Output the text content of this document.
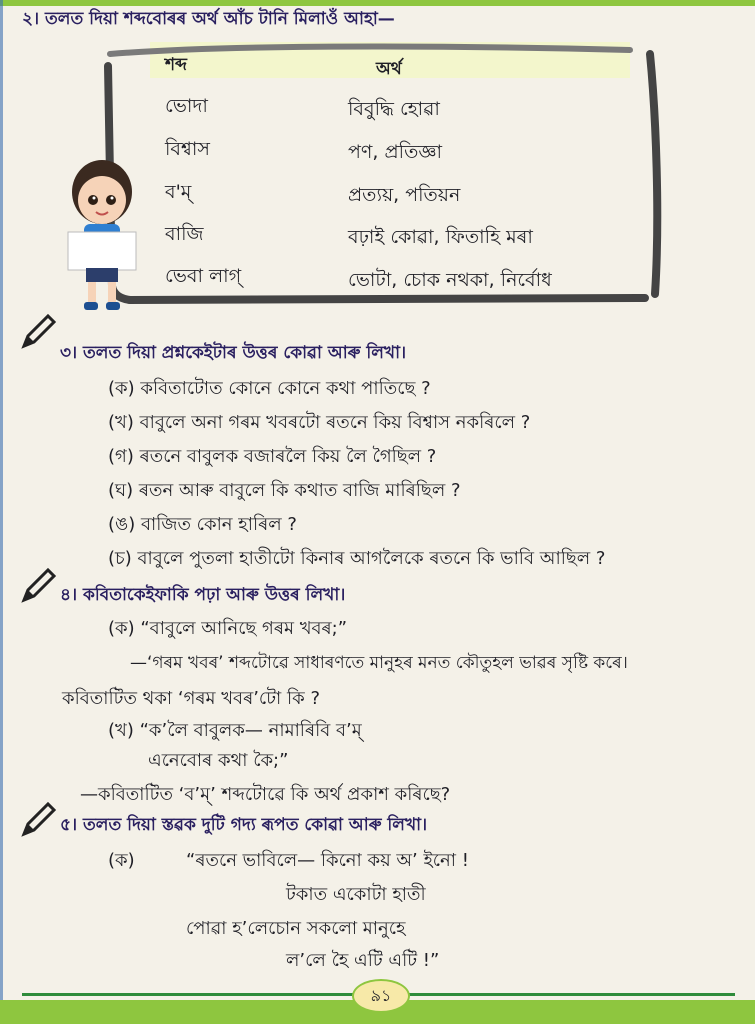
২। তলত দিয়া শব্দবোৰৰ অৰ্থ আঁচ টানি মিলাওঁ আহা—
শব্দ	অৰ্থ
ভোদা
বিশ্বাস
ব'ম্
বাজি
ভেবা লাগ্
বিবুদ্ধি হোৱা
পণ, প্ৰতিজ্ঞা
প্ৰত্যয়, পতিয়ন
বঢ়াই কোৱা, ফিতাহি মৰা
ভোটা, চোক নথকা, নিৰ্বোধ
৩। তলত দিয়া প্ৰশ্নকেইটাৰ উত্তৰ কোৱা আৰু লিখা।
(ক) কবিতাটোত কোনে কোনে কথা পাতিছে ?
(খ) বাবুলে অনা গৰম খবৰটো ৰতনে কিয় বিশ্বাস নকৰিলে ?
(গ) ৰতনে বাবুলক বজাৰলৈ কিয় লৈ গৈছিল ?
(ঘ) ৰতন আৰু বাবুলে কি কথাত বাজি মাৰিছিল ?
(ঙ) বাজিত কোন হাৰিল ?
(চ) বাবুলে পুতলা হাতীটো কিনাৰ আগলৈকে ৰতনে কি ভাবি আছিল ?
৪। কবিতাকেইফাকি পঢ়া আৰু উত্তৰ লিখা।
(ক) “বাবুলে আনিছে গৰম খবৰ;”
—‘গৰম খবৰ’ শব্দটোৱে সাধাৰণতে মানুহৰ মনত কৌতুহল ভাৱৰ সৃষ্টি কৰে।
কবিতাটিত থকা ‘গৰম খবৰ’টো কি ?
(খ) “ক’লৈ বাবুলক— নামাৰিবি ব’ম্
এনেবোৰ কথা কৈ;”
—কবিতাটিত ‘ব’ম্’ শব্দটোৱে কি অৰ্থ প্ৰকাশ কৰিছে?
৫। তলত দিয়া স্তৱক দুটি গদ্য ৰূপত কোৱা আৰু লিখা।
(ক)	“ৰতনে ভাবিলে— কিনো কয় অ’ ইনো !
টকাত একোটা হাতী
পোৱা হ’লেচোন সকলো মানুহে
ল’লে হৈ এটি এটি !”
৯১
